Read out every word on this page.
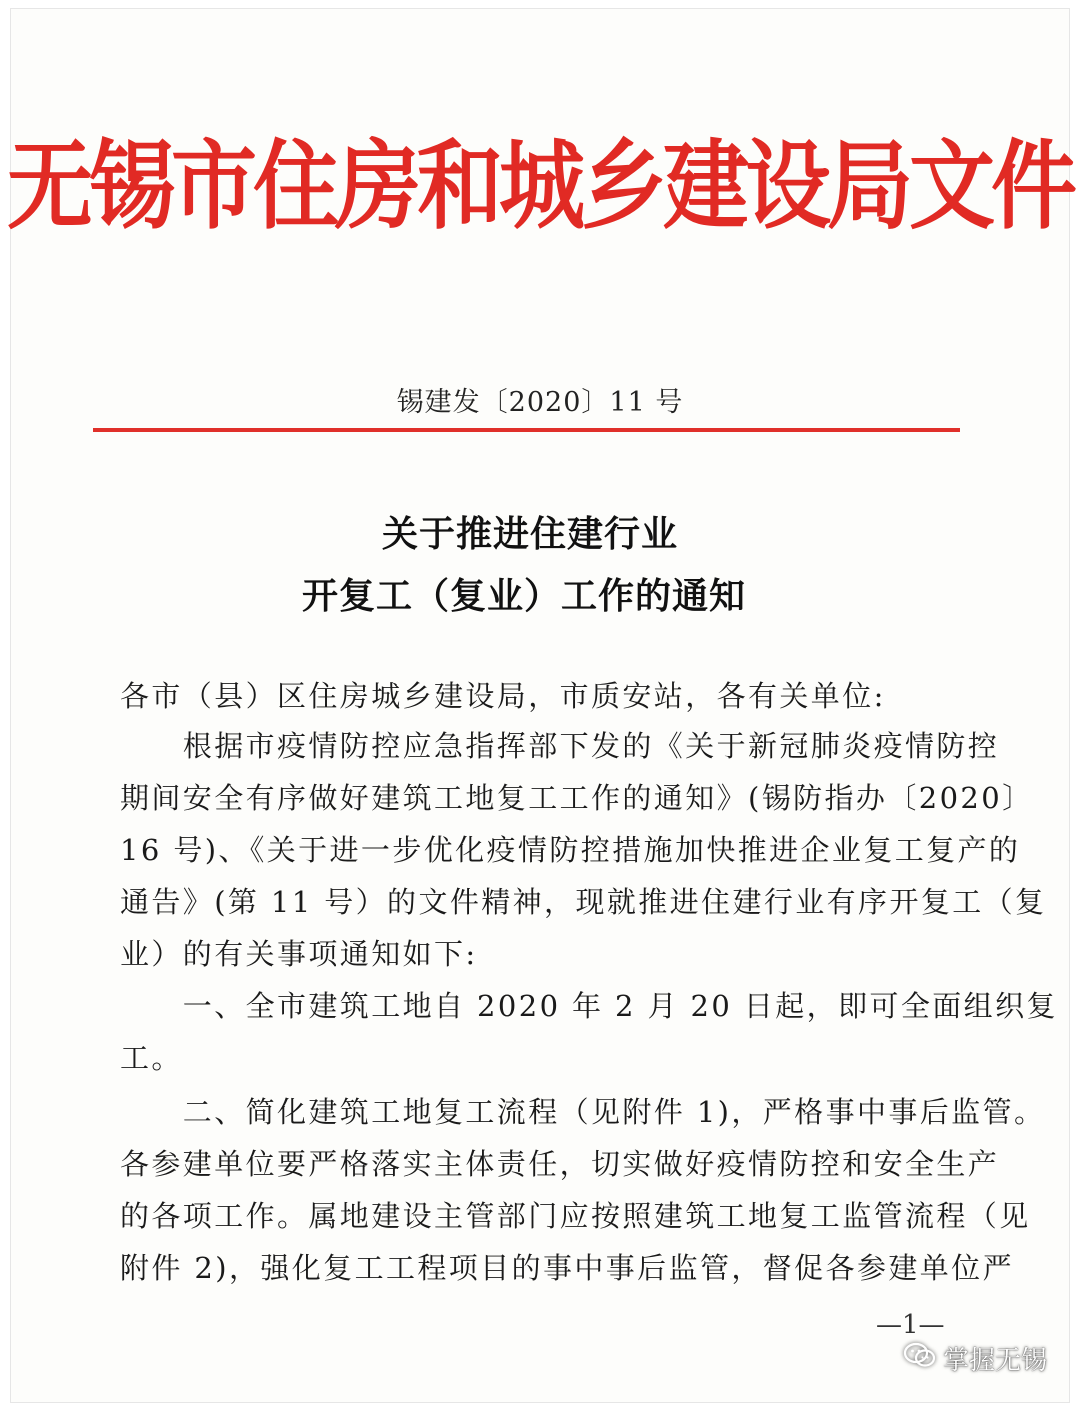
无锡市住房和城乡建设局文件
锡建发〔2020〕11 号
关于推进住建行业
开复工（复业）工作的通知
各市（县）区住房城乡建设局，市质安站，各有关单位:
　　根据市疫情防控应急指挥部下发的《关于新冠肺炎疫情防控
期间安全有序做好建筑工地复工工作的通知》(锡防指办〔2020〕
16 号)、《关于进一步优化疫情防控措施加快推进企业复工复产的
通告》(第 11 号）的文件精神，现就推进住建行业有序开复工（复
业）的有关事项通知如下:
　　一、全市建筑工地自 2020 年 2 月 20 日起，即可全面组织复
工。
　　二、简化建筑工地复工流程（见附件 1)，严格事中事后监管。
各参建单位要严格落实主体责任，切实做好疫情防控和安全生产
的各项工作。属地建设主管部门应按照建筑工地复工监管流程（见
附件 2)，强化复工工程项目的事中事后监管，督促各参建单位严
—1—
掌握无锡
